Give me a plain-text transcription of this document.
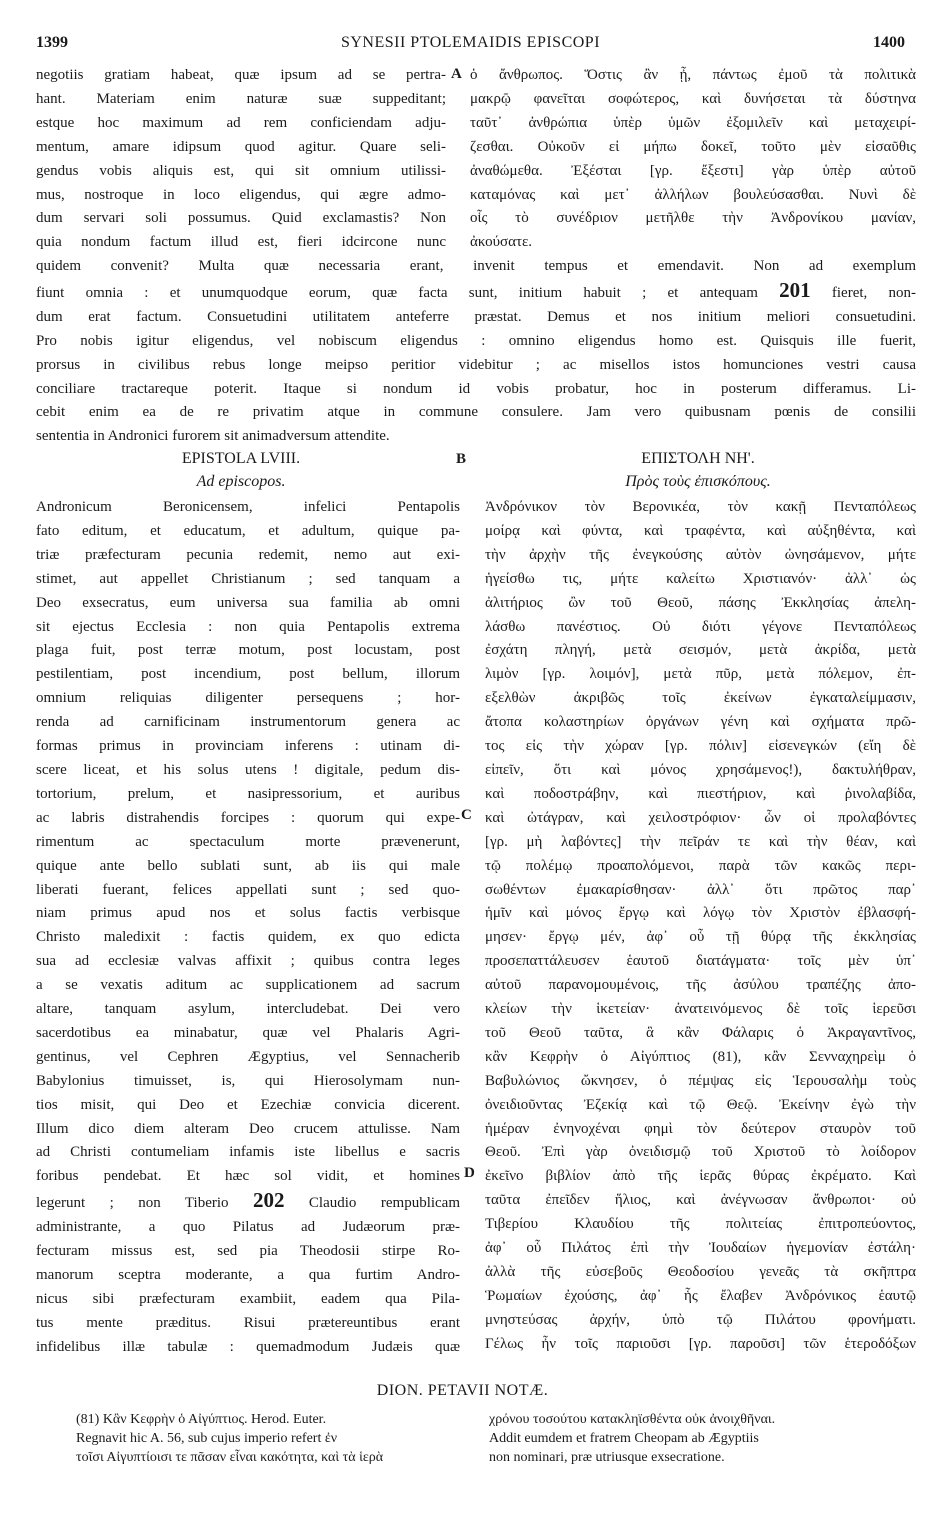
1399	SYNESII PTOLEMAIDIS EPISCOPI	1400
negotiis gratiam habeat, quæ ipsum ad se pertra-
hant. Materiam enim naturæ suæ suppeditant;
estque hoc maximum ad rem conficiendam adju-
mentum, amare idipsum quod agitur. Quare seli-
gendus vobis aliquis est, qui sit omnium utilissi-
mus, nostroque in loco eligendus, qui ægre admo-
dum servari soli possumus. Quid exclamastis? Non
quia nondum factum illud est, fieri idcircone nunc
A ὁ ἄνθρωπος. Ὅστις ἂν ᾖ, πάντως ἐμοῦ τὰ πολιτικὰ
μακρῷ φανεῖται σοφώτερος, καὶ δυνήσεται τὰ δύστηνα
ταῦτ᾽ ἀνθρώπια ὑπὲρ ὑμῶν ἐξομιλεῖν καὶ μεταχειρί-
ζεσθαι. Οὐκοῦν εἰ μήπω δοκεῖ, τοῦτο μὲν εἰσαῦθις
ἀναθώμεθα. Ἐξέσται [γρ. ἔξεστι] γὰρ ὑπὲρ αὐτοῦ
καταμόνας καὶ μετ᾽ ἀλλήλων βουλεύσασθαι. Νυνὶ δὲ
οἷς τὸ συνέδριον μετῆλθε τὴν Ἀνδρονίκου μανίαν,
ἀκούσατε.
quidem convenit? Multa quæ necessaria erant, invenit tempus et emendavit. Non ad exemplum
fiunt omnia : et unumquodque eorum, quæ facta sunt, initium habuit ; et antequam 201 fieret, non-
dum erat factum. Consuetudini utilitatem anteferre præstat. Demus et nos initium meliori consuetudini.
Pro nobis igitur eligendus, vel nobiscum eligendus : omnino eligendus homo est. Quisquis ille fuerit,
prorsus in civilibus rebus longe meipso peritior videbitur ; ac misellos istos homunciones vestri causa
conciliare tractareque poterit. Itaque si nondum id vobis probatur, hoc in posterum differamus. Li-
cebit enim ea de re privatim atque in commune consulere. Jam vero quibusnam pœnis de consilii
sententia in Andronici furorem sit animadversum attendite.
EPISTOLA LVIII.	B	ΕΠΙΣΤΟΛΗ ΝΗ'.
Ad episcopos.	Πρὸς τοὺς ἐπισκόπους.
Andronicum Beronicensem, infelici Pentapolis
fato editum, et educatum, et adultum, quique pa-
triæ præfecturam pecunia redemit, nemo aut exi-
stimet, aut appellet Christianum ; sed tanquam a
Deo exsecratus, eum universa sua familia ab omni
sit ejectus Ecclesia : non quia Pentapolis extrema
plaga fuit, post terræ motum, post locustam, post
pestilentiam, post incendium, post bellum, illorum
omnium reliquias diligenter persequens ; hor-
renda ad carnificinam instrumentorum genera ac
formas primus in provinciam inferens : utinam di-
scere liceat, et his solus utens ! digitale, pedum dis-
tortorium, prelum, et nasipressorium, et auribus
ac labris distrahendis forcipes : quorum qui expe-
rimentum ac spectaculum morte prævenerunt,
quique ante bello sublati sunt, ab iis qui male
liberati fuerant, felices appellati sunt ; sed quo-
niam primus apud nos et solus factis verbisque
Christo maledixit : factis quidem, ex quo edicta
sua ad ecclesiæ valvas affixit ; quibus contra leges
a se vexatis aditum ac supplicationem ad sacrum
altare, tanquam asylum, intercludebat. Dei vero
sacerdotibus ea minabatur, quæ vel Phalaris Agri-
gentinus, vel Cephren Ægyptius, vel Sennacherib
Babylonius timuisset, is, qui Hierosolymam nun-
tios misit, qui Deo et Ezechiæ convicia dicerent.
Illum dico diem alteram Deo crucem attulisse. Nam
ad Christi contumeliam infamis iste libellus e sacris
foribus pendebat. Et hæc sol vidit, et homines
legerunt ; non Tiberio 202 Claudio rempublicam
administrante, a quo Pilatus ad Judæorum præ-
fecturam missus est, sed pia Theodosii stirpe Ro-
manorum sceptra moderante, a qua furtim Andro-
nicus sibi præfecturam exambiit, eadem qua Pila-
tus mente præditus. Risui prætereuntibus erant
infidelibus illæ tabulæ : quemadmodum Judæis quæ
C
D
Ἀνδρόνικον τὸν Βερονικέα, τὸν κακῇ Πενταπόλεως
μοίρᾳ καὶ φύντα, καὶ τραφέντα, καὶ αὐξηθέντα, καὶ
τὴν ἀρχὴν τῆς ἐνεγκούσης αὐτὸν ὠνησάμενον, μήτε
ἡγείσθω τις, μήτε καλείτω Χριστιανόν· ἀλλ᾽ ὡς
ἀλιτήριος ὢν τοῦ Θεοῦ, πάσης Ἐκκλησίας ἀπελη-
λάσθω πανέστιος. Οὐ διότι γέγονε Πενταπόλεως
ἐσχάτη πληγή, μετὰ σεισμόν, μετὰ ἀκρίδα, μετὰ
λιμὸν [γρ. λοιμόν], μετὰ πῦρ, μετὰ πόλεμον, ἐπ-
εξελθὼν ἀκριβῶς τοῖς ἐκείνων ἐγκαταλείμμασιν,
ἄτοπα κολαστηρίων ὀργάνων γένη καὶ σχήματα πρῶ-
τος εἰς τὴν χώραν [γρ. πόλιν] εἰσενεγκών (εἴη δὲ
εἰπεῖν, ὅτι καὶ μόνος χρησάμενος!), δακτυλήθραν,
καὶ ποδοστράβην, καὶ πιεστήριον, καὶ ῥινολαβίδα,
καὶ ὠτάγραν, καὶ χειλοστρόφιον· ὧν οἱ προλαβόντες
[γρ. μὴ λαβόντες] τὴν πεῖράν τε καὶ τὴν θέαν, καὶ
τῷ πολέμῳ προαπολόμενοι, παρὰ τῶν κακῶς περι-
σωθέντων ἐμακαρίσθησαν· ἀλλ᾽ ὅτι πρῶτος παρ᾽
ἡμῖν καὶ μόνος ἔργῳ καὶ λόγῳ τὸν Χριστὸν ἐβλασφή-
μησεν· ἔργῳ μέν, ἀφ᾽ οὗ τῇ θύρᾳ τῆς ἐκκλησίας
προσεπαττάλευσεν ἑαυτοῦ διατάγματα· τοῖς μὲν ὑπ᾽
αὐτοῦ παρανομουμένοις, τῆς ἀσύλου τραπέζης ἀπο-
κλείων τὴν ἱκετείαν· ἀνατεινόμενος δὲ τοῖς ἱερεῦσι
τοῦ Θεοῦ ταῦτα, ἃ κἂν Φάλαρις ὁ Ἀκραγαντῖνος,
κἂν Κεφρὴν ὁ Αἰγύπτιος (81), κἂν Σενναχηρεὶμ ὁ
Βαβυλώνιος ὤκνησεν, ὁ πέμψας εἰς Ἱερουσαλὴμ τοὺς
ὀνειδιοῦντας Ἐζεκίᾳ καὶ τῷ Θεῷ. Ἐκείνην ἐγὼ τὴν
ἡμέραν ἐνηνοχέναι φημὶ τὸν δεύτερον σταυρὸν τοῦ
Θεοῦ. Ἐπὶ γὰρ ὀνειδισμῷ τοῦ Χριστοῦ τὸ λοίδορον
ἐκεῖνο βιβλίον ἀπὸ τῆς ἱερᾶς θύρας ἐκρέματο. Καὶ
ταῦτα ἐπεῖδεν ἥλιος, καὶ ἀνέγνωσαν ἄνθρωποι· οὐ
Τιβερίου Κλαυδίου τῆς πολιτείας ἐπιτροπεύοντος,
ἀφ᾽ οὗ Πιλάτος ἐπὶ τὴν Ἰουδαίων ἡγεμονίαν ἐστάλη·
ἀλλὰ τῆς εὐσεβοῦς Θεοδοσίου γενεᾶς τὰ σκῆπτρα
Ῥωμαίων ἐχούσης, ἀφ᾽ ἧς ἔλαβεν Ἀνδρόνικος ἑαυτῷ
μνηστεύσας ἀρχήν, ὑπὸ τῷ Πιλάτου φρονήματι.
Γέλως ἦν τοῖς παριοῦσι [γρ. παροῦσι] τῶν ἑτεροδόξων
DION. PETAVII NOTÆ.
(81) Κἂν Κεφρὴν ὁ Αἰγύπτιος. Herod. Euter.
Regnavit hic A. 56, sub cujus imperio refert ἐν
τοῖσι Αἰγυπτίοισι τε πᾶσαν εἶναι κακότητα, καὶ τὰ ἱερὰ
χρόνου τοσούτου κατακληϊσθέντα οὐκ ἀνοιχθῆναι.
Addit eumdem et fratrem Cheopam ab Ægyptiis
non nominari, præ utriusque exsecratione.
